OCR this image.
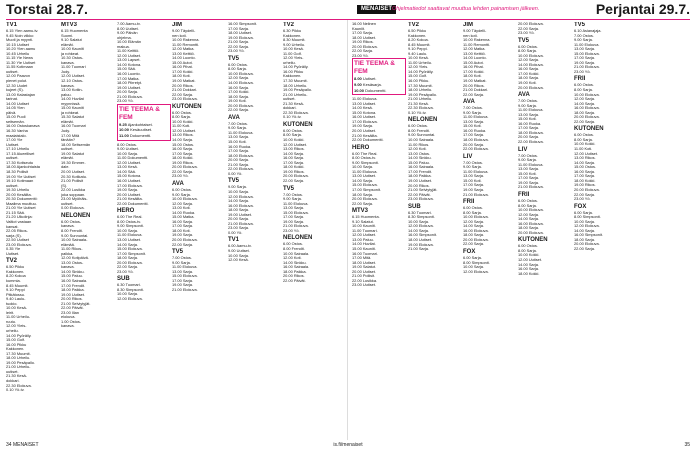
Torstai 28.7.	MENAISET Ohjelmatiedot saattavat muuttua lehden painamisen jälkeen.	Perjantai 29.7.
TV1
6.15 Ylen aamu-tv.
9.45 Noin viikko
Muoti ja myynti.
10.15 Uutiset
10.20 Ylen aamu
10.45 Urheilu
11.15 Yle News
11.30 Yle Uutiset
11.55 Kotimaan
uutiset.
12.00 Paavon
pienet polut.
12.30 Uudet
kujeet (S).
13.00 Kalastajan
tarinat.
14.00 Uutiset
14.05 Ylen
päivä.
15.00 Puoli
seitsemän.
16.00 Ostoskanava
16.30 Vanha
maalaistalo.
17.00 Yle
Uutiset.
17.10 Urheilu
17.15 Alueelliset
uutiset.
17.30 Kotiseutu
18.00 Ajankohtaista
18.30 Poliisit
19.00 Yle Uutiset
19.10 Kotimaan
uutiset.
19.30 Urheilu
20.00 Kesäilta.
20.30 Dokumentti:
Maailma muuttuu.
21.00 Yle Uutiset
21.15 Sää.
21.20 Ulkolinja:
Valtiot vastaan
kansat.
22.05 Rikos-
sarja (S).
22.50 Uutiset
23.00 Elokuva.
0.35 Yle
Uutiset.
TV2
6.50 Pikku
Kakkonen.
8.20 Kokoa
kummia.
8.45 Muumit.
9.10 Peppi
Pitkätossu.
9.40 Laulu-
tuokio.
10.00 Kesä-
leirit.
11.00 Urheilu-
ruutu.
12.00 Yleis-
urheilu.
14.00 Pyöräily.
15.00 Golf.
16.00 Pikku
Kakkonen.
17.30 Muumit.
18.00 Urheilu.
19.00 Pesäpallo.
21.00 Urheilu-
uutiset.
21.30 Kesä-
dokkari.
22.30 Elokuva.
0.10 Yö-tv.
MTV3
6.15 Huomenta
Suomi.
9.10 Salatut
elämät.
10.00 Kauniit
ja rohkeat.
10.30 Ostos-
kanava.
11.00 Tuomari
Judy.
12.00 Uutiset.
12.10 Ostos-
kanava.
13.00 Kotiin-
paluu.
14.00 Huvilat
myynnissä.
15.00 Kauniit
ja rohkeat.
15.30 Salatut
elämät.
16.00 Tuomari
Judy.
17.00 Mitä
tänään?
18.00 Seitsemän
uutiset.
19.00 Salatut
elämät.
19.30 Emmer-
dale.
20.00 Uutiset.
20.30 Kotikatu.
21.00 Poliisit
(S).
22.00 Lusikka
joka soppaan.
23.00 Myöhäis-
uutiset.
0.00 Elokuva.
NELONEN
6.00 Ostos-
kanava.
8.00 Frendit.
9.00 Sunnuntai.
10.00 Sairaala-
elämää.
11.00 Rikos-
paikka.
12.00 Kotipäivä.
13.00 Ostos-
kanava.
14.00 Sinkku.
15.00 Paluu.
16.00 Sairaala.
17.00 Frendit.
18.00 Paikka.
19.00 Uutiset.
20.00 Rikos.
21.00 Selviytyjät.
22.00 Päivät.
23.00 Illan
elokuva.
1.00 Ostos-
kanava.
7.00 Aamu-tv.
8.00 Uutiset.
9.00 Päivän
ohjelma.
10.00 Elämän
makua.
11.00 Keittiö.
12.00 Uutiset.
13.00 Lapset.
14.00 Kotona.
15.00 Sää.
16.00 Luonto.
17.00 Matka.
18.00 Piirretyt.
19.00 Uutiset.
20.00 Sarja.
21.00 Elokuva.
23.00 Yö.
TIE TEEMA & FEM
9.25 Ajankohtaiset.
10.00 Kesäuutiset.
11.00 Dokumentti.
8.00 Ostos.
9.00 Uutiset.
10.00 Sarja.
11.00 Dokumentti.
12.00 Uutiset.
13.00 Kesä.
14.00 Sää.
15.00 Kotona.
16.00 Uutiset.
17.00 Elokuva.
19.00 Sarja.
20.00 Uutiset.
21.00 Kesäilta.
22.00 Dokumentti.
HERO
6.00 The Real.
8.00 Ostos-tv.
9.00 Simpsonit.
10.00 Sarja.
11.00 Elokuva.
13.00 Uutiset.
14.00 Sarja.
15.00 Elokuva.
17.00 Simpsonit.
18.00 Sarja.
20.00 Elokuva.
22.00 Sarja.
23.00 Yö.
SUB
6.30 Tuomari.
8.30 Simpsonit.
10.00 Sarja.
12.00 Elokuva.
JIM
9.00 Täydelli-
nen koti.
10.00 Rakenna.
11.00 Remontti.
12.00 Matka.
13.00 Keittiö.
14.00 Luonto.
15.00 Autot.
16.00 Pihat.
17.00 Kokki.
18.00 Koti.
19.00 Matkat.
20.00 Rikos.
21.00 Dokkari.
22.00 Sarja.
23.00 Elokuva.
KUTONEN
6.00 Ostos.
8.00 Sarja.
10.00 Kokki.
11.00 Koti.
12.00 Uutiset.
13.00 Rikos.
14.00 Sarja.
15.00 Ostos.
16.00 Sarja.
17.00 Sarja.
18.00 Kokki.
19.00 Rikos.
20.00 Elokuva.
22.00 Sarja.
23.00 Yö.
AVA
6.00 Ostos.
9.00 Sarja.
10.00 Elokuva.
12.00 Sarja.
13.00 Koti.
14.00 Ruoka.
15.00 Matka.
16.00 Sarja.
17.00 Sarja.
18.00 Koti.
19.00 Sarja.
20.00 Elokuva.
22.00 Sarja.
TV5
7.00 Ostos.
9.00 Sarja.
11.00 Elokuva.
13.00 Sarja.
15.00 Elokuva.
17.00 Sarja.
19.00 Sarja.
21.00 Elokuva.
16.00 Simpsonit.
17.00 Sarja.
18.00 Uutiset.
19.00 Elokuva.
21.00 Sarja.
22.00 Sarja.
23.00 Yö.
TV5
6.00 Ostos.
8.00 Sarja.
10.00 Elokuva.
12.00 Sarja.
14.00 Elokuva.
16.00 Sarja.
17.00 Kokki.
18.00 Sarja.
19.00 Koti.
20.00 Elokuva.
22.00 Sarja.
AVA
7.00 Ostos.
9.00 Sarja.
11.00 Elokuva.
13.00 Sarja.
15.00 Koti.
16.00 Ruoka.
17.00 Sarja.
18.00 Elokuva.
20.00 Sarja.
21.00 Sarja.
22.00 Elokuva.
0.00 Yö.
TV5
9.00 Sarja.
10.00 Sarja.
12.00 Elokuva.
14.00 Sarja.
16.00 Elokuva.
18.00 Sarja.
19.00 Uutiset.
20.00 Sarja.
21.00 Elokuva.
23.00 Sarja.
0.00 Yö.
TV1
6.00 Aamu-tv.
9.00 Uutiset.
10.00 Sarja.
12.00 Kesä.
TV2
6.30 Pikku
Kakkonen.
8.30 Muumit.
9.00 Urheilu.
10.00 Kesä.
11.00 Golf.
12.00 Yleis-
urheilu.
14.00 Pyöräily.
16.00 Pikku
Kakkonen.
17.30 Muumit.
18.00 Urheilu.
19.00 Pesäpallo.
21.00 Urheilu-
uutiset.
21.30 Kesä-
dokkari.
22.30 Elokuva.
0.10 Yö-tv.
KUTONEN
6.00 Ostos.
8.00 Sarja.
10.00 Kokki.
12.00 Uutiset.
13.00 Rikos.
14.00 Sarja.
16.00 Sarja.
17.00 Sarja.
18.00 Kokki.
19.00 Rikos.
20.00 Elokuva.
22.00 Sarja.
TV5
7.00 Ostos.
9.00 Sarja.
11.00 Elokuva.
13.00 Sarja.
15.00 Elokuva.
17.00 Sarja.
19.00 Sarja.
21.00 Elokuva.
23.00 Yö.
NELONEN
6.00 Ostos.
8.00 Frendit.
10.00 Sairaala.
12.00 Koti.
14.00 Sinkku.
16.00 Sairaala.
18.00 Paikka.
20.00 Rikos.
22.00 Päivät.
16.00 Nelinen
Kauniit.
17.00 Sarja.
18.00 Uutiset.
19.00 Rikos.
20.00 Elokuva.
22.00 Sarja.
23.00 Yö.
TIE TEEMA & FEM
8.00 Uutiset.
9.00 Kesäsarja.
10.00 Dokumentti.
11.00 Elokuva.
13.00 Uutiset.
14.00 Kesä.
15.00 Kotona.
16.00 Uutiset.
17.00 Elokuva.
19.00 Sarja.
20.00 Uutiset.
21.00 Kesäilta.
22.00 Dokumentti.
HERO
6.00 The Real.
8.00 Ostos-tv.
9.00 Simpsonit.
10.00 Sarja.
11.00 Elokuva.
13.00 Uutiset.
14.00 Sarja.
15.00 Elokuva.
17.00 Simpsonit.
18.00 Sarja.
20.00 Elokuva.
22.00 Sarja.
MTV3
6.15 Huomenta.
9.10 Salatut.
10.00 Kauniit.
11.00 Tuomari.
12.00 Uutiset.
13.00 Paluu.
14.00 Huvilat.
15.00 Kauniit.
16.00 Tuomari.
17.00 Mitä.
18.00 Uutiset.
19.00 Salatut.
20.00 Uutiset.
21.00 Poliisit.
22.00 Lusikka.
23.00 Uutiset.
TV2
6.50 Pikku
Kakkonen.
8.20 Kokoa.
8.45 Muumit.
9.10 Peppi.
9.40 Laulu.
10.00 Kesä.
11.00 Urheilu.
12.00 Yleis.
14.00 Pyöräily.
15.00 Golf.
16.00 Pikku.
17.30 Muumit.
18.00 Urheilu.
19.00 Pesäpallo.
21.00 Urheilu.
21.30 Kesä.
22.30 Elokuva.
0.10 Yö-tv.
NELONEN
6.00 Ostos.
8.00 Frendit.
9.00 Sunnuntai.
10.00 Sairaala.
11.00 Rikos.
12.00 Koti.
13.00 Ostos.
14.00 Sinkku.
15.00 Paluu.
16.00 Sairaala.
17.00 Frendit.
18.00 Paikka.
19.00 Uutiset.
20.00 Rikos.
21.00 Selviytyjät.
22.00 Päivät.
23.00 Elokuva.
SUB
6.30 Tuomari.
8.30 Simpsonit.
10.00 Sarja.
12.00 Elokuva.
14.00 Sarja.
16.00 Simpsonit.
18.00 Uutiset.
19.00 Elokuva.
21.00 Sarja.
JIM
9.00 Täydelli-
nen koti.
10.00 Rakenna.
11.00 Remontti.
12.00 Matka.
13.00 Keittiö.
14.00 Luonto.
15.00 Autot.
16.00 Pihat.
17.00 Kokki.
18.00 Koti.
19.00 Matkat.
20.00 Rikos.
21.00 Dokkari.
22.00 Sarja.
AVA
7.00 Ostos.
9.00 Sarja.
11.00 Elokuva.
13.00 Sarja.
15.00 Koti.
16.00 Ruoka.
17.00 Sarja.
18.00 Elokuva.
20.00 Sarja.
22.00 Elokuva.
LIV
7.00 Ostos.
9.00 Sarja.
11.00 Elokuva.
13.00 Sarja.
15.00 Koti.
17.00 Sarja.
19.00 Sarja.
21.00 Elokuva.
FRII
6.00 Ostos.
8.00 Sarja.
10.00 Elokuva.
12.00 Sarja.
14.00 Sarja.
16.00 Elokuva.
18.00 Sarja.
20.00 Elokuva.
22.00 Sarja.
FOX
6.00 Sarja.
8.00 Simpsonit.
10.00 Sarja.
12.00 Elokuva.
20.00 Elokuva.
22.00 Sarja.
23.00 Yö.
TV5
6.00 Ostos.
8.00 Sarja.
10.00 Elokuva.
12.00 Sarja.
14.00 Elokuva.
16.00 Sarja.
17.00 Kokki.
18.00 Sarja.
19.00 Koti.
20.00 Elokuva.
AVA
7.00 Ostos.
9.00 Sarja.
11.00 Elokuva.
13.00 Sarja.
15.00 Koti.
16.00 Ruoka.
17.00 Sarja.
18.00 Elokuva.
20.00 Sarja.
22.00 Elokuva.
LIV
7.00 Ostos.
9.00 Sarja.
11.00 Elokuva.
13.00 Sarja.
15.00 Koti.
17.00 Sarja.
19.00 Sarja.
21.00 Elokuva.
FRII
6.00 Ostos.
8.00 Sarja.
10.00 Elokuva.
12.00 Sarja.
14.00 Sarja.
16.00 Elokuva.
18.00 Sarja.
20.00 Elokuva.
KUTONEN
6.00 Ostos.
8.00 Sarja.
10.00 Kokki.
12.00 Uutiset.
14.00 Sarja.
16.00 Sarja.
18.00 Kokki.
TV5
6.10 Asianajaja.
7.00 Ostos.
9.00 Sarja.
11.00 Elokuva.
13.00 Sarja.
15.00 Elokuva.
17.00 Sarja.
19.00 Sarja.
21.00 Elokuva.
23.00 Yö.
FRII
6.00 Ostos.
8.00 Sarja.
10.00 Elokuva.
12.00 Sarja.
14.00 Sarja.
16.00 Elokuva.
18.00 Sarja.
20.00 Elokuva.
22.00 Sarja.
KUTONEN
6.00 Ostos.
8.00 Sarja.
10.00 Kokki.
11.00 Koti.
12.00 Uutiset.
13.00 Rikos.
14.00 Sarja.
15.00 Ostos.
16.00 Sarja.
17.00 Sarja.
18.00 Kokki.
19.00 Rikos.
20.00 Elokuva.
22.00 Sarja.
23.00 Yö.
FOX
6.00 Sarja.
8.00 Simpsonit.
10.00 Sarja.
12.00 Elokuva.
14.00 Sarja.
16.00 Simpsonit.
18.00 Sarja.
20.00 Elokuva.
22.00 Sarja.
34 MENAISET	is.fi/menaiset	35
